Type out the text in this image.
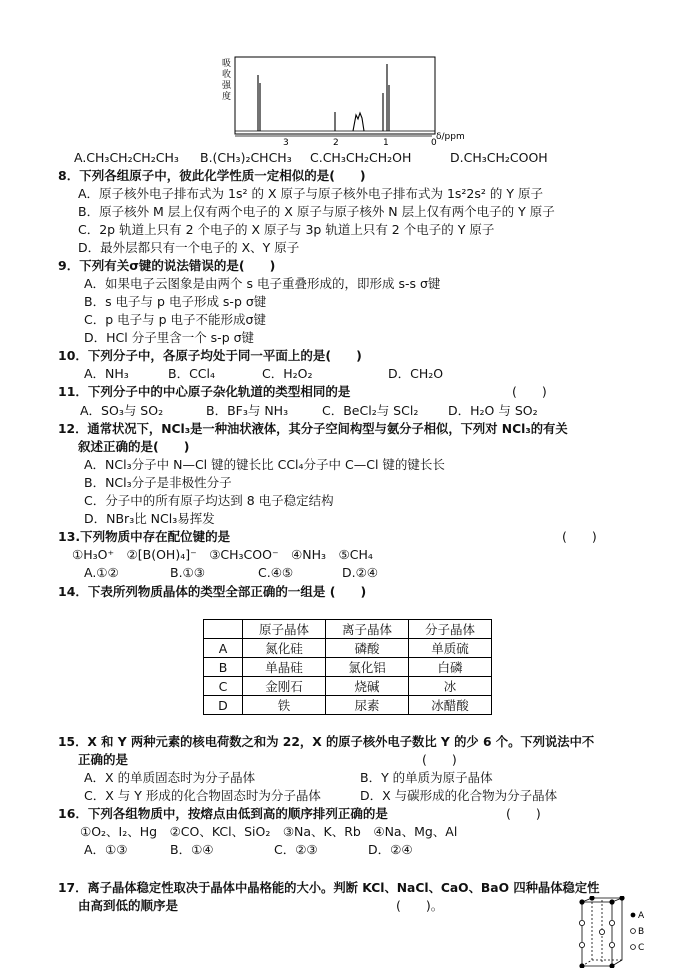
吸
收
强
度
3	2	1	0
δ/ppm
A.CH₃CH₂CH₂CH₃ B.(CH₃)₂CHCH₃ C.CH₃CH₂CH₂OH	D.CH₃CH₂COOH
8．下列各组原子中，彼此化学性质一定相似的是(　　)
A．原子核外电子排布式为 1s² 的 X 原子与原子核外电子排布式为 1s²2s² 的 Y 原子
B．原子核外 M 层上仅有两个电子的 X 原子与原子核外 N 层上仅有两个电子的 Y 原子
C．2p 轨道上只有 2 个电子的 X 原子与 3p 轨道上只有 2 个电子的 Y 原子
D．最外层都只有一个电子的 X、Y 原子
9．下列有关σ键的说法错误的是(　　)
A．如果电子云图象是由两个 s 电子重叠形成的，即形成 s-s σ键
B．s 电子与 p 电子形成 s-p σ键
C．p 电子与 p 电子不能形成σ键
D．HCl 分子里含一个 s-p σ键
10．下列分子中，各原子均处于同一平面上的是(　　)
A．NH₃	B．CCl₄	C．H₂O₂	D．CH₂O
11．下列分子中的中心原子杂化轨道的类型相同的是	(　　)
A．SO₃与 SO₂	B．BF₃与 NH₃	C．BeCl₂与 SCl₂ D．H₂O 与 SO₂
12．通常状况下，NCl₃是一种油状液体，其分子空间构型与氨分子相似，下列对 NCl₃的有关
叙述正确的是(　　)
A．NCl₃分子中 N—Cl 键的键长比 CCl₄分子中 C—Cl 键的键长长
B．NCl₃分子是非极性分子
C．分子中的所有原子均达到 8 电子稳定结构
D．NBr₃比 NCl₃易挥发
13.下列物质中存在配位键的是	(　　)
①H₃O⁺　②[B(OH)₄]⁻　③CH₃COO⁻　④NH₃　⑤CH₄
A.①②	B.①③	C.④⑤	D.②④
14．下表所列物质晶体的类型全部正确的一组是 (　　)
	原子晶体	离子晶体	分子晶体
A	氮化硅	磷酸	单质硫
B	单晶硅	氯化铝	白磷
C	金刚石	烧碱	冰
D	铁	尿素	冰醋酸
15．X 和 Y 两种元素的核电荷数之和为 22，X 的原子核外电子数比 Y 的少 6 个。下列说法中不
正确的是	(　　)
A．X 的单质固态时为分子晶体	B．Y 的单质为原子晶体
C．X 与 Y 形成的化合物固态时为分子晶体	D．X 与碳形成的化合物为分子晶体
16．下列各组物质中，按熔点由低到高的顺序排列正确的是	(　　)
①O₂、I₂、Hg　②CO、KCl、SiO₂　③Na、K、Rb　④Na、Mg、Al
A．①③	B．①④	C．②③	D．②④
17．离子晶体稳定性取决于晶体中晶格能的大小。判断 KCl、NaCl、CaO、BaO 四种晶体稳定性
由高到低的顺序是	(　　)。
A
B
C
